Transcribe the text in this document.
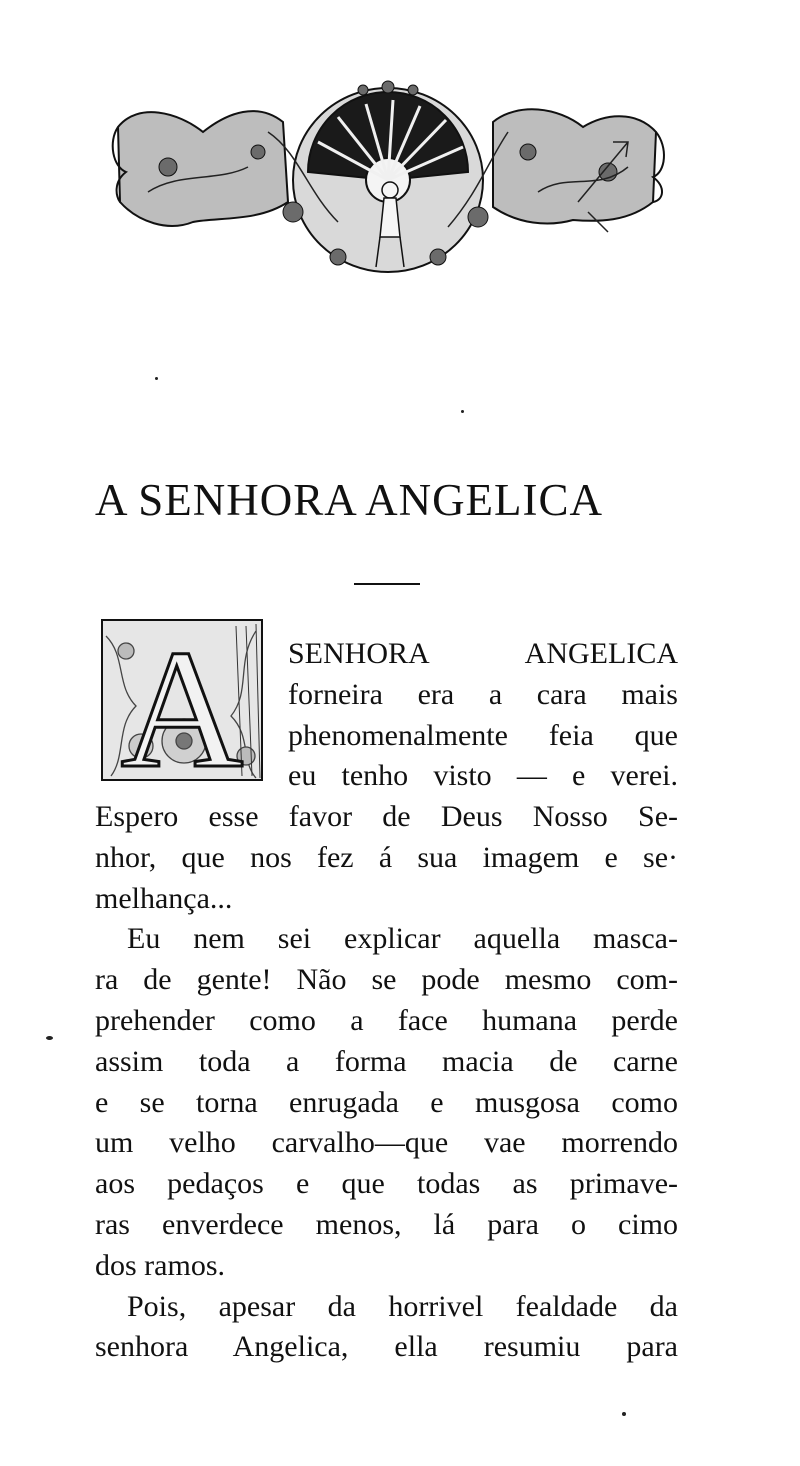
A SENHORA ANGELICA
A SENHORA ANGELICA
forneira era a cara mais
phenomenalmente feia que
eu tenho visto — e verei.
Espero esse favor de Deus Nosso Se-
nhor, que nos fez á sua imagem e se·
melhança...
Eu nem sei explicar aquella masca-
ra de gente! Não se pode mesmo com-
prehender como a face humana perde
assim toda a forma macia de carne
e se torna enrugada e musgosa como
um velho carvalho—que vae morrendo
aos pedaços e que todas as primave-
ras enverdece menos, lá para o cimo
dos ramos.
Pois, apesar da horrivel fealdade da
senhora Angelica, ella resumiu para
